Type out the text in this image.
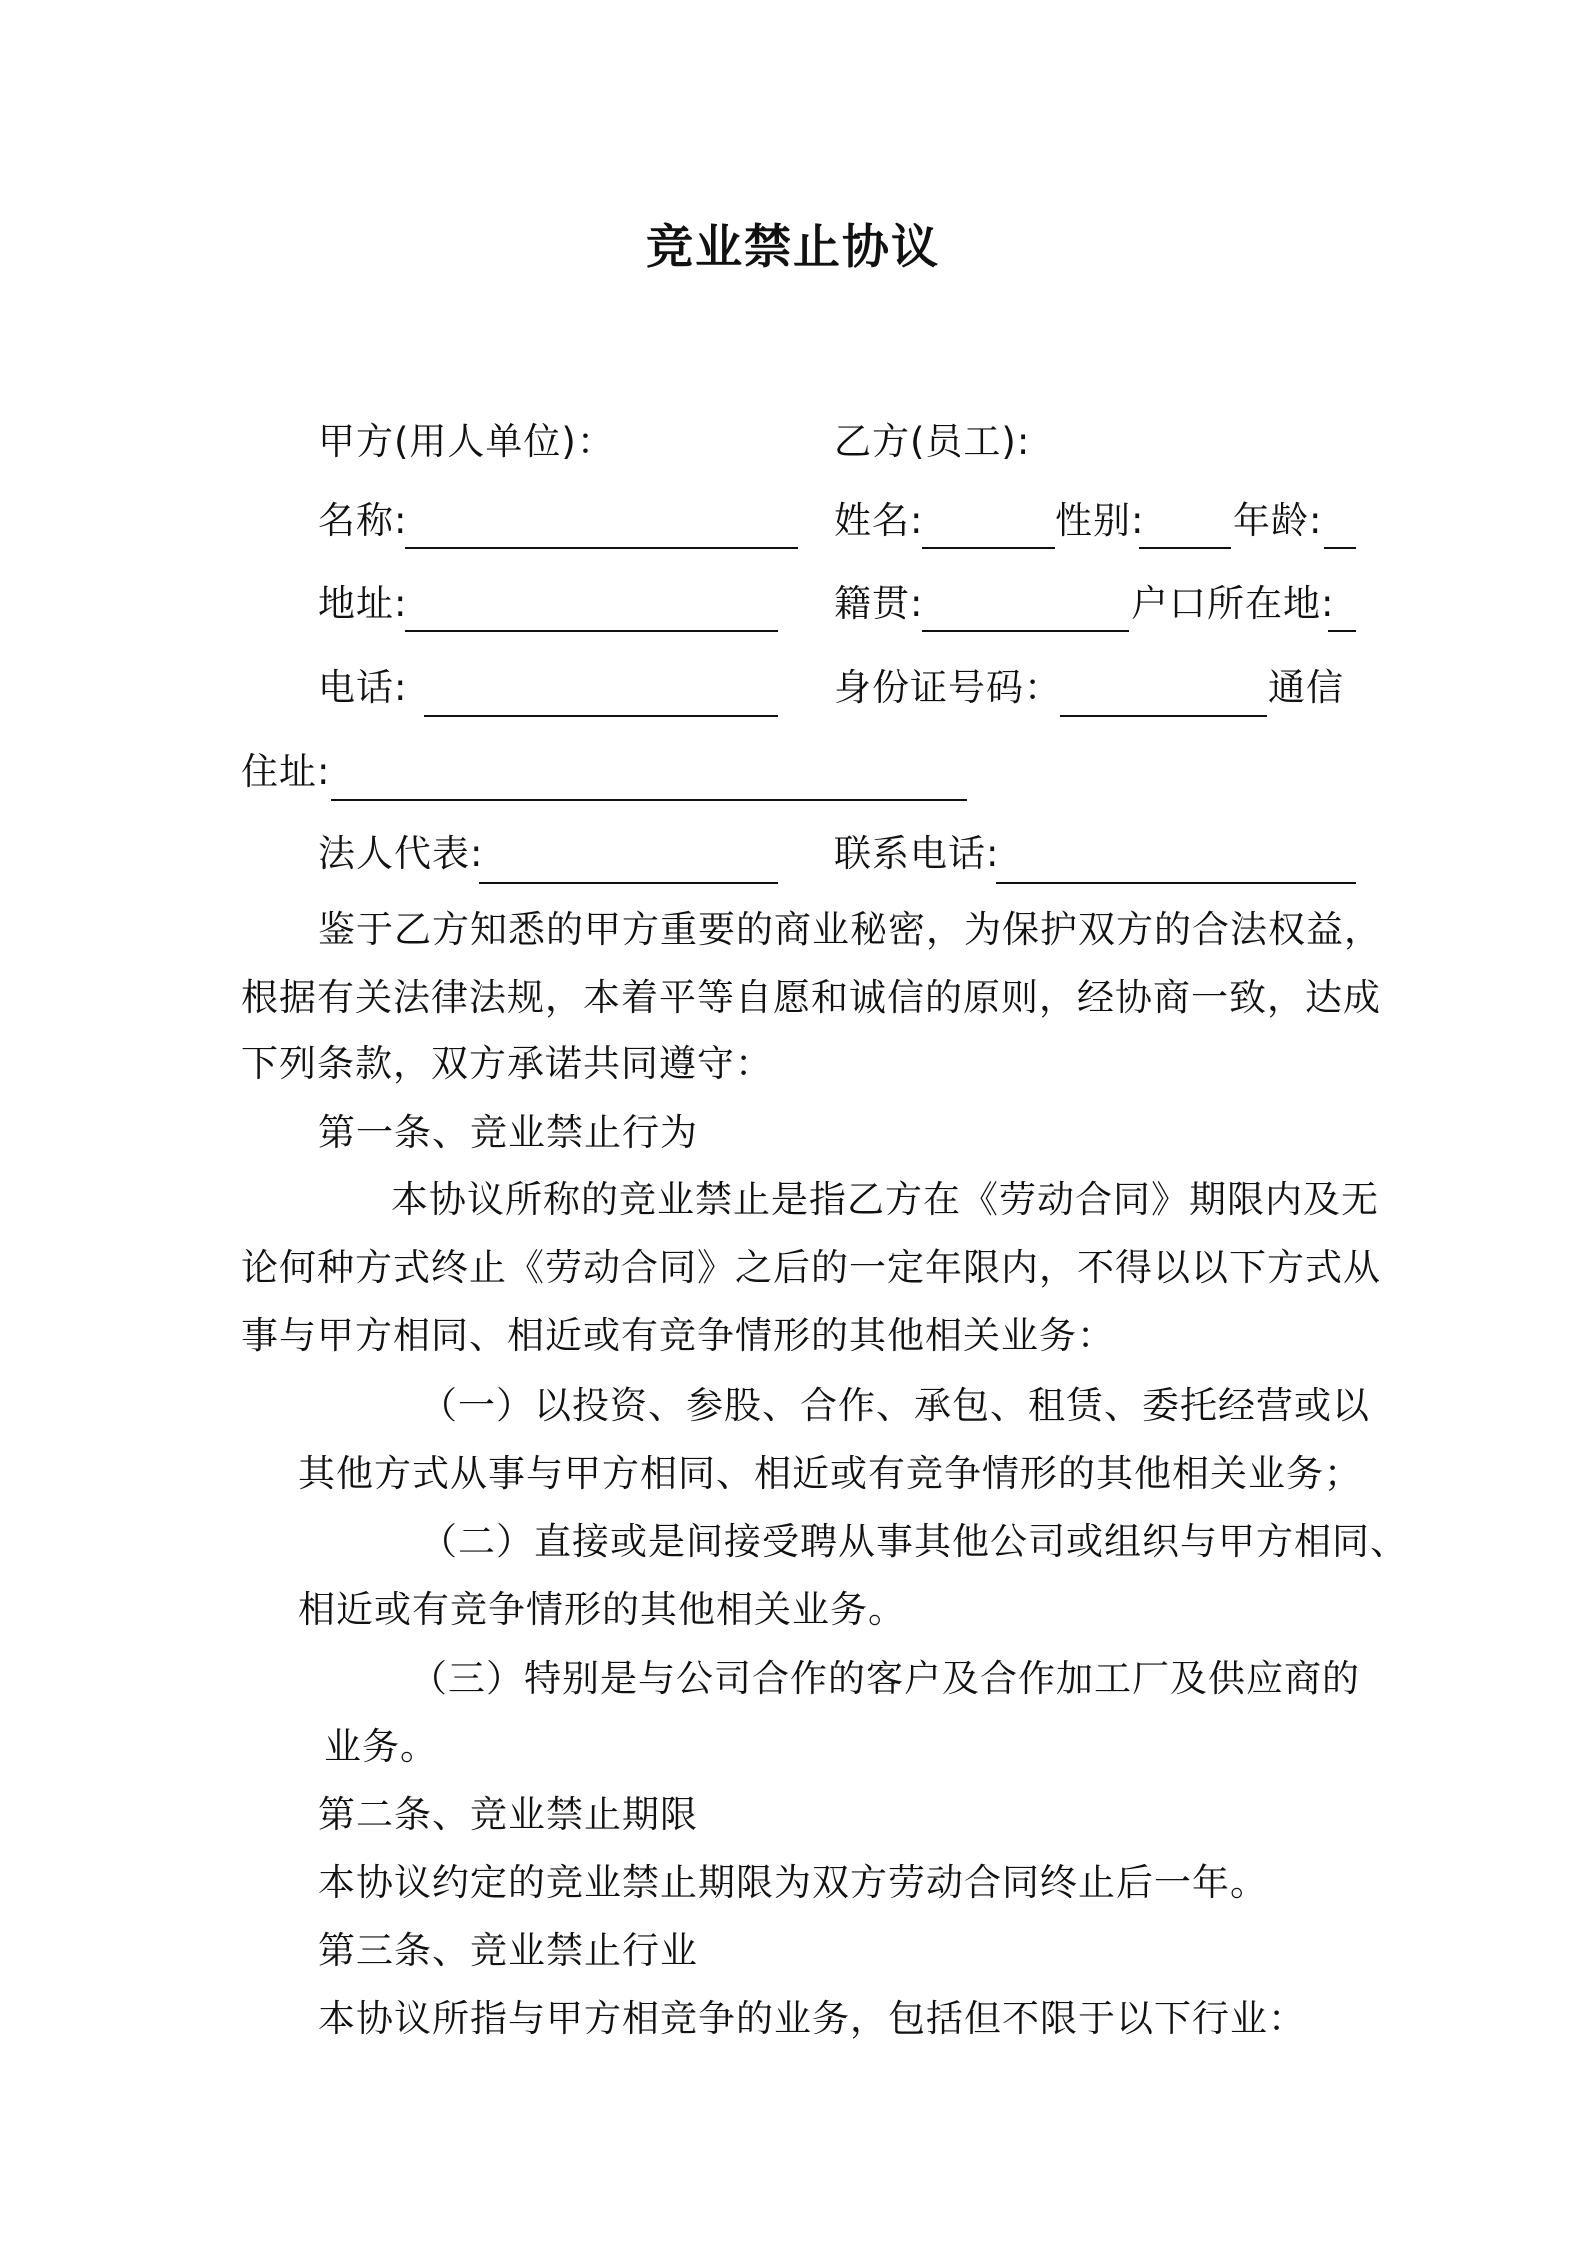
竞业禁止协议
甲方(用人单位)：	乙方(员工):
名称:	姓名:	性别: 年龄:
地址:	籍贯:	户口所在地:
电话:	身份证号码：	通信
住址:
法人代表:	联系电话:
鉴于乙方知悉的甲方重要的商业秘密，为保护双方的合法权益，
根据有关法律法规，本着平等自愿和诚信的原则，经协商一致，达成
下列条款，双方承诺共同遵守：
第一条、竞业禁止行为
本协议所称的竞业禁止是指乙方在《劳动合同》期限内及无
论何种方式终止《劳动合同》之后的一定年限内，不得以以下方式从
事与甲方相同、相近或有竞争情形的其他相关业务：
（一）以投资、参股、合作、承包、租赁、委托经营或以
其他方式从事与甲方相同、相近或有竞争情形的其他相关业务；
（二）直接或是间接受聘从事其他公司或组织与甲方相同、
相近或有竞争情形的其他相关业务。
（三）特别是与公司合作的客户及合作加工厂及供应商的
业务。
第二条、竞业禁止期限
本协议约定的竞业禁止期限为双方劳动合同终止后一年。
第三条、竞业禁止行业
本协议所指与甲方相竞争的业务，包括但不限于以下行业：
